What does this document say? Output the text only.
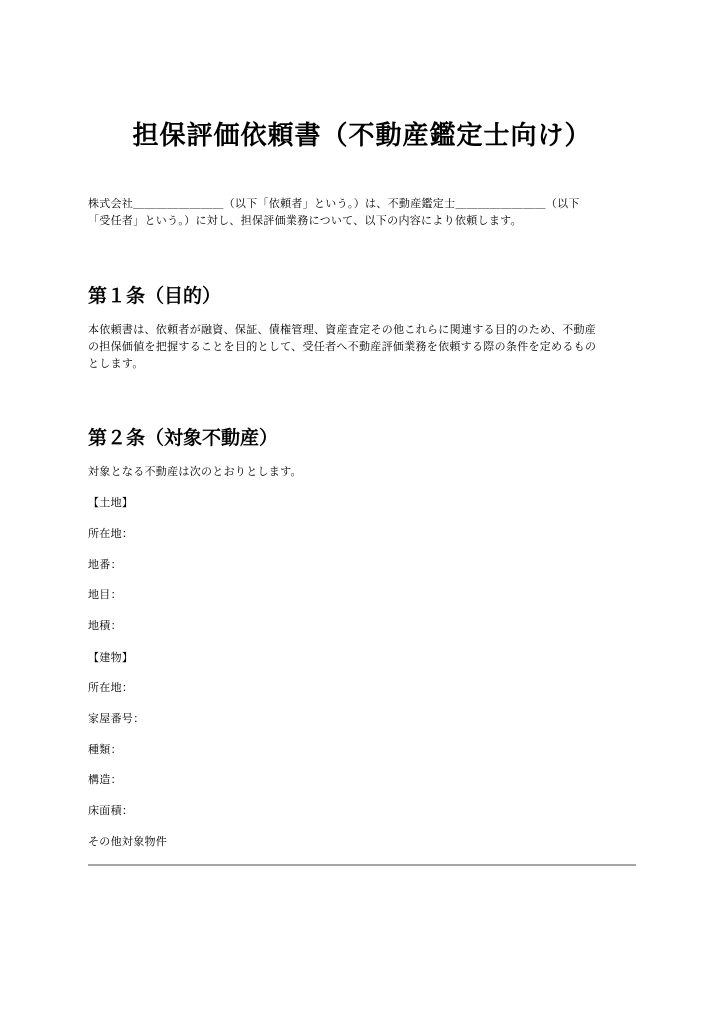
担保評価依頼書（不動産鑑定士向け）
株式会社＿＿＿＿＿＿＿＿（以下「依頼者」という。）は、不動産鑑定士＿＿＿＿＿＿＿＿（以下
「受任者」という。）に対し、担保評価業務について、以下の内容により依頼します。
第１条（目的）
本依頼書は、依頼者が融資、保証、債権管理、資産査定その他これらに関連する目的のため、不動産
の担保価値を把握することを目的として、受任者へ不動産評価業務を依頼する際の条件を定めるもの
とします。
第２条（対象不動産）
対象となる不動産は次のとおりとします。
【土地】
所在地：
地番：
地目：
地積：
【建物】
所在地：
家屋番号：
種類：
構造：
床面積：
その他対象物件
